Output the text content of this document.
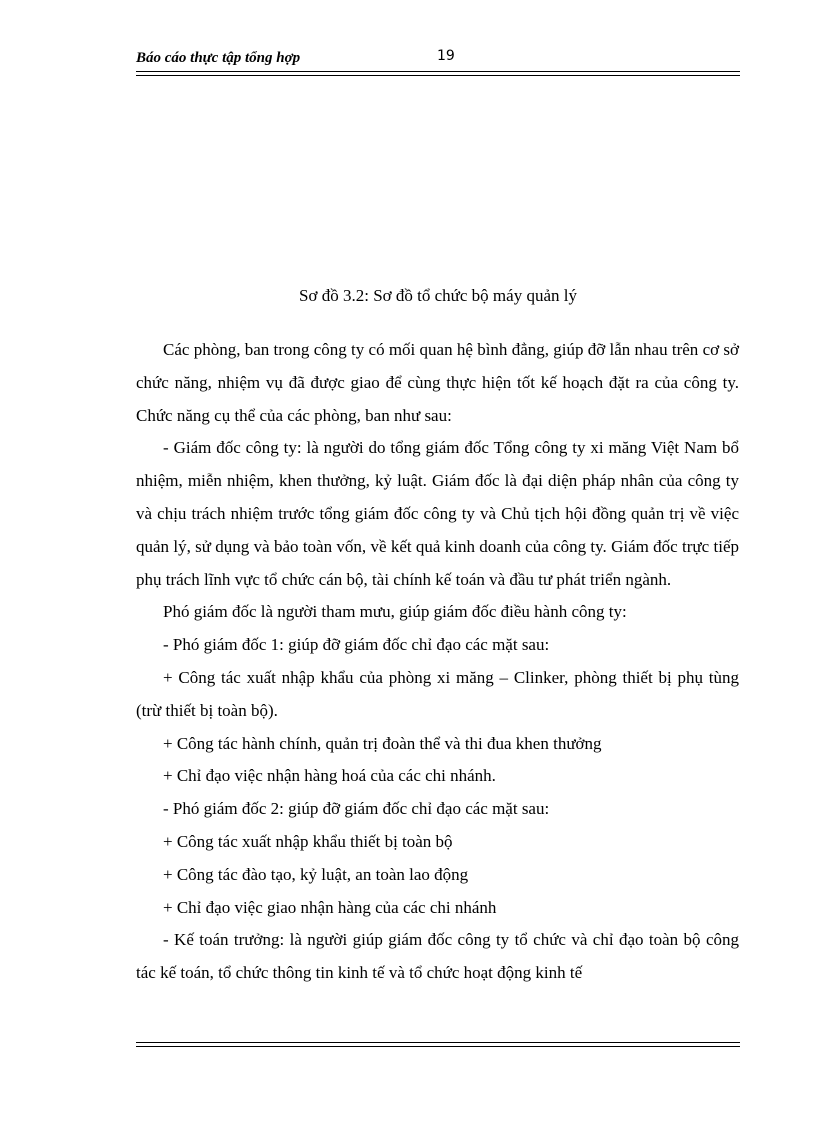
Báo cáo thực tập tổng hợp	19
Sơ đồ 3.2: Sơ đồ tổ chức bộ máy quản lý

Các phòng, ban trong công ty có mối quan hệ bình đẳng, giúp đỡ lẫn nhau trên cơ sở chức năng, nhiệm vụ đã được giao để cùng thực hiện tốt kế hoạch đặt ra của công ty. Chức năng cụ thể của các phòng, ban như sau:

- Giám đốc công ty: là người do tổng giám đốc Tổng công ty xi măng Việt Nam bổ nhiệm, miễn nhiệm, khen thưởng, kỷ luật. Giám đốc là đại diện pháp nhân của công ty và chịu trách nhiệm trước tổng giám đốc công ty và Chủ tịch hội đồng quản trị về việc quản lý, sử dụng và bảo toàn vốn, về kết quả kinh doanh của công ty. Giám đốc trực tiếp phụ trách lĩnh vực tổ chức cán bộ, tài chính kế toán và đầu tư phát triển ngành.

Phó giám đốc là người tham mưu, giúp giám đốc điều hành công ty:

- Phó giám đốc 1: giúp đỡ giám đốc chỉ đạo các mặt sau:

+ Công tác xuất nhập khẩu của phòng xi măng – Clinker, phòng thiết bị phụ tùng (trừ thiết bị toàn bộ).

+ Công tác hành chính, quản trị đoàn thể và thi đua khen thưởng

+ Chỉ đạo việc nhận hàng hoá của các chi nhánh.

- Phó giám đốc 2: giúp đỡ giám đốc chỉ đạo các mặt sau:

+ Công tác xuất nhập khẩu thiết bị toàn bộ

+ Công tác đào tạo, kỷ luật, an toàn lao động

+ Chỉ đạo việc giao nhận hàng của các chi nhánh

- Kế toán trưởng: là người giúp giám đốc công ty tổ chức và chỉ đạo toàn bộ công tác kế toán, tổ chức thông tin kinh tế và tổ chức hoạt động kinh tế
